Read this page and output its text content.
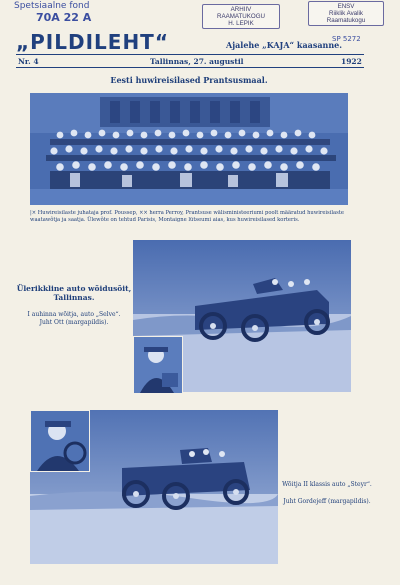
Spetsiaalne fond
70A 22 A
ARHIIV
RAAMATUKOGU
H. LEPIK
ENSV
Riiklik Avalik
Raamatukogu
SP 5272
„PILDILEHT“	Ajalehe „KAJA“ kaasanne.
Nr. 4	Tallinnas, 27. augustil	1922
Eesti huwireisilased Prantsusmaal.
|× Huwireisilaste juhataja prof. Poussep, ×× herra Perroy, Prantsuse wälisministeeriumi poolt määratud huwireisilaste waatawõtja ja saatja. Ülewõte on tehtud Parisis, Montaigne lütseumi aias, kus huwireisilased korteris.
Ülerikkline auto wõidusõit, Tallinnas.
I auhinna wõitja, auto „Selve“.
Juht Ott (margapildis).
Wõitja II klassis auto „Steyr“.
Juht Gordejeff (margapildis).
